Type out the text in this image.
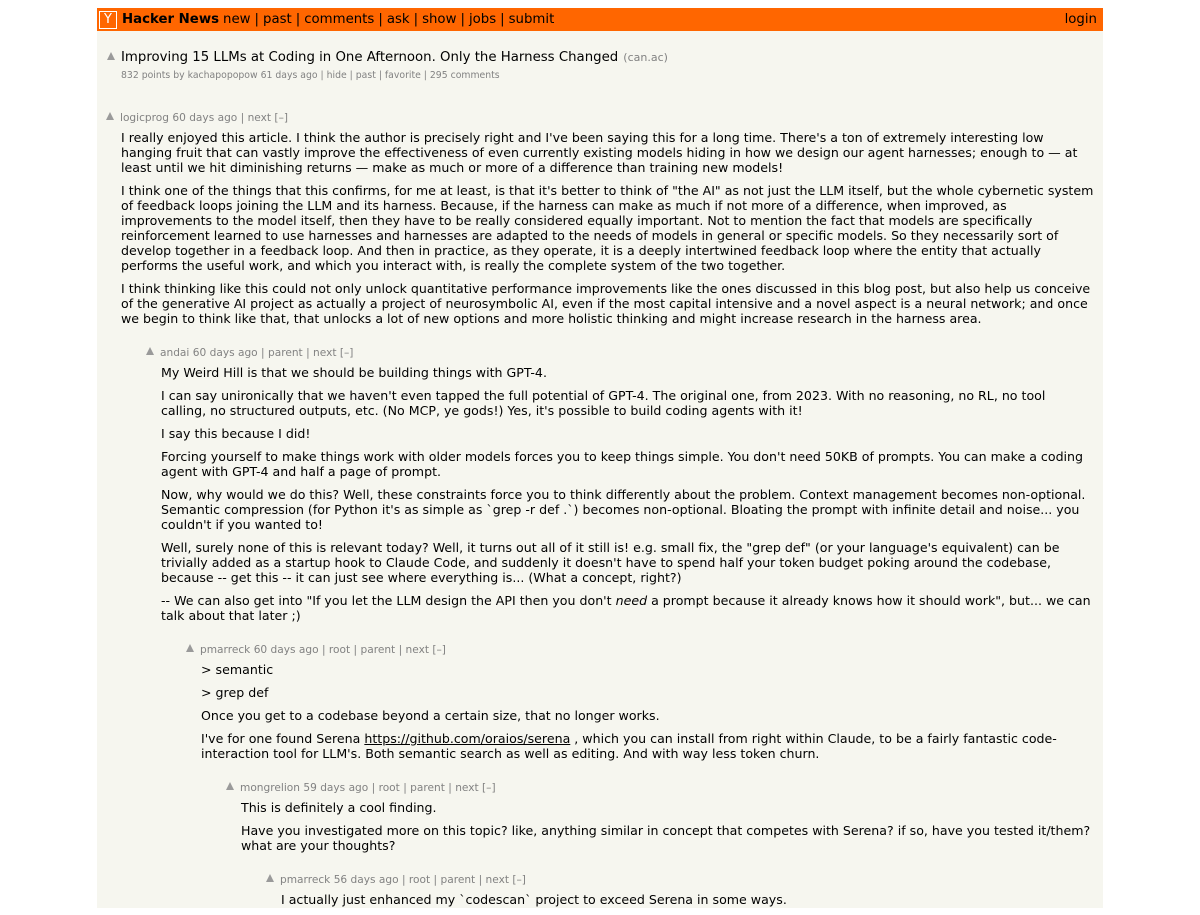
Y Hacker News new | past | comments | ask | show | jobs | submit	login
Improving 15 LLMs at Coding in One Afternoon. Only the Harness Changed (can.ac)
832 points by kachapopopow 61 days ago | hide | past | favorite | 295 comments
logicprog 60 days ago | next [–]

I really enjoyed this article. I think the author is precisely right and I've been saying this for a long time. There's a ton of extremely interesting low hanging fruit that can vastly improve the effectiveness of even currently existing models hiding in how we design our agent harnesses; enough to — at least until we hit diminishing returns — make as much or more of a difference than training new models!

I think one of the things that this confirms, for me at least, is that it's better to think of "the AI" as not just the LLM itself, but the whole cybernetic system of feedback loops joining the LLM and its harness. Because, if the harness can make as much if not more of a difference, when improved, as improvements to the model itself, then they have to be really considered equally important. Not to mention the fact that models are specifically reinforcement learned to use harnesses and harnesses are adapted to the needs of models in general or specific models. So they necessarily sort of develop together in a feedback loop. And then in practice, as they operate, it is a deeply intertwined feedback loop where the entity that actually performs the useful work, and which you interact with, is really the complete system of the two together.

I think thinking like this could not only unlock quantitative performance improvements like the ones discussed in this blog post, but also help us conceive of the generative AI project as actually a project of neurosymbolic AI, even if the most capital intensive and a novel aspect is a neural network; and once we begin to think like that, that unlocks a lot of new options and more holistic thinking and might increase research in the harness area.

andai 60 days ago | parent | next [–]

My Weird Hill is that we should be building things with GPT-4.

I can say unironically that we haven't even tapped the full potential of GPT-4. The original one, from 2023. With no reasoning, no RL, no tool calling, no structured outputs, etc. (No MCP, ye gods!) Yes, it's possible to build coding agents with it!

I say this because I did!

Forcing yourself to make things work with older models forces you to keep things simple. You don't need 50KB of prompts. You can make a coding agent with GPT-4 and half a page of prompt.

Now, why would we do this? Well, these constraints force you to think differently about the problem. Context management becomes non-optional. Semantic compression (for Python it's as simple as `grep -r def .`) becomes non-optional. Bloating the prompt with infinite detail and noise... you couldn't if you wanted to!

Well, surely none of this is relevant today? Well, it turns out all of it still is! e.g. small fix, the "grep def" (or your language's equivalent) can be trivially added as a startup hook to Claude Code, and suddenly it doesn't have to spend half your token budget poking around the codebase, because -- get this -- it can just see where everything is... (What a concept, right?)

-- We can also get into "If you let the LLM design the API then you don't need a prompt because it already knows how it should work", but... we can talk about that later ;)

pmarreck 60 days ago | root | parent | next [–]

> semantic

> grep def

Once you get to a codebase beyond a certain size, that no longer works.

I've for one found Serena https://github.com/oraios/serena , which you can install from right within Claude, to be a fairly fantastic code-interaction tool for LLM's. Both semantic search as well as editing. And with way less token churn.

mongrelion 59 days ago | root | parent | next [–]

This is definitely a cool finding.

Have you investigated more on this topic? like, anything similar in concept that competes with Serena? if so, have you tested it/them? what are your thoughts?

pmarreck 56 days ago | root | parent | next [–]

I actually just enhanced my `codescan` project to exceed Serena in some ways.
